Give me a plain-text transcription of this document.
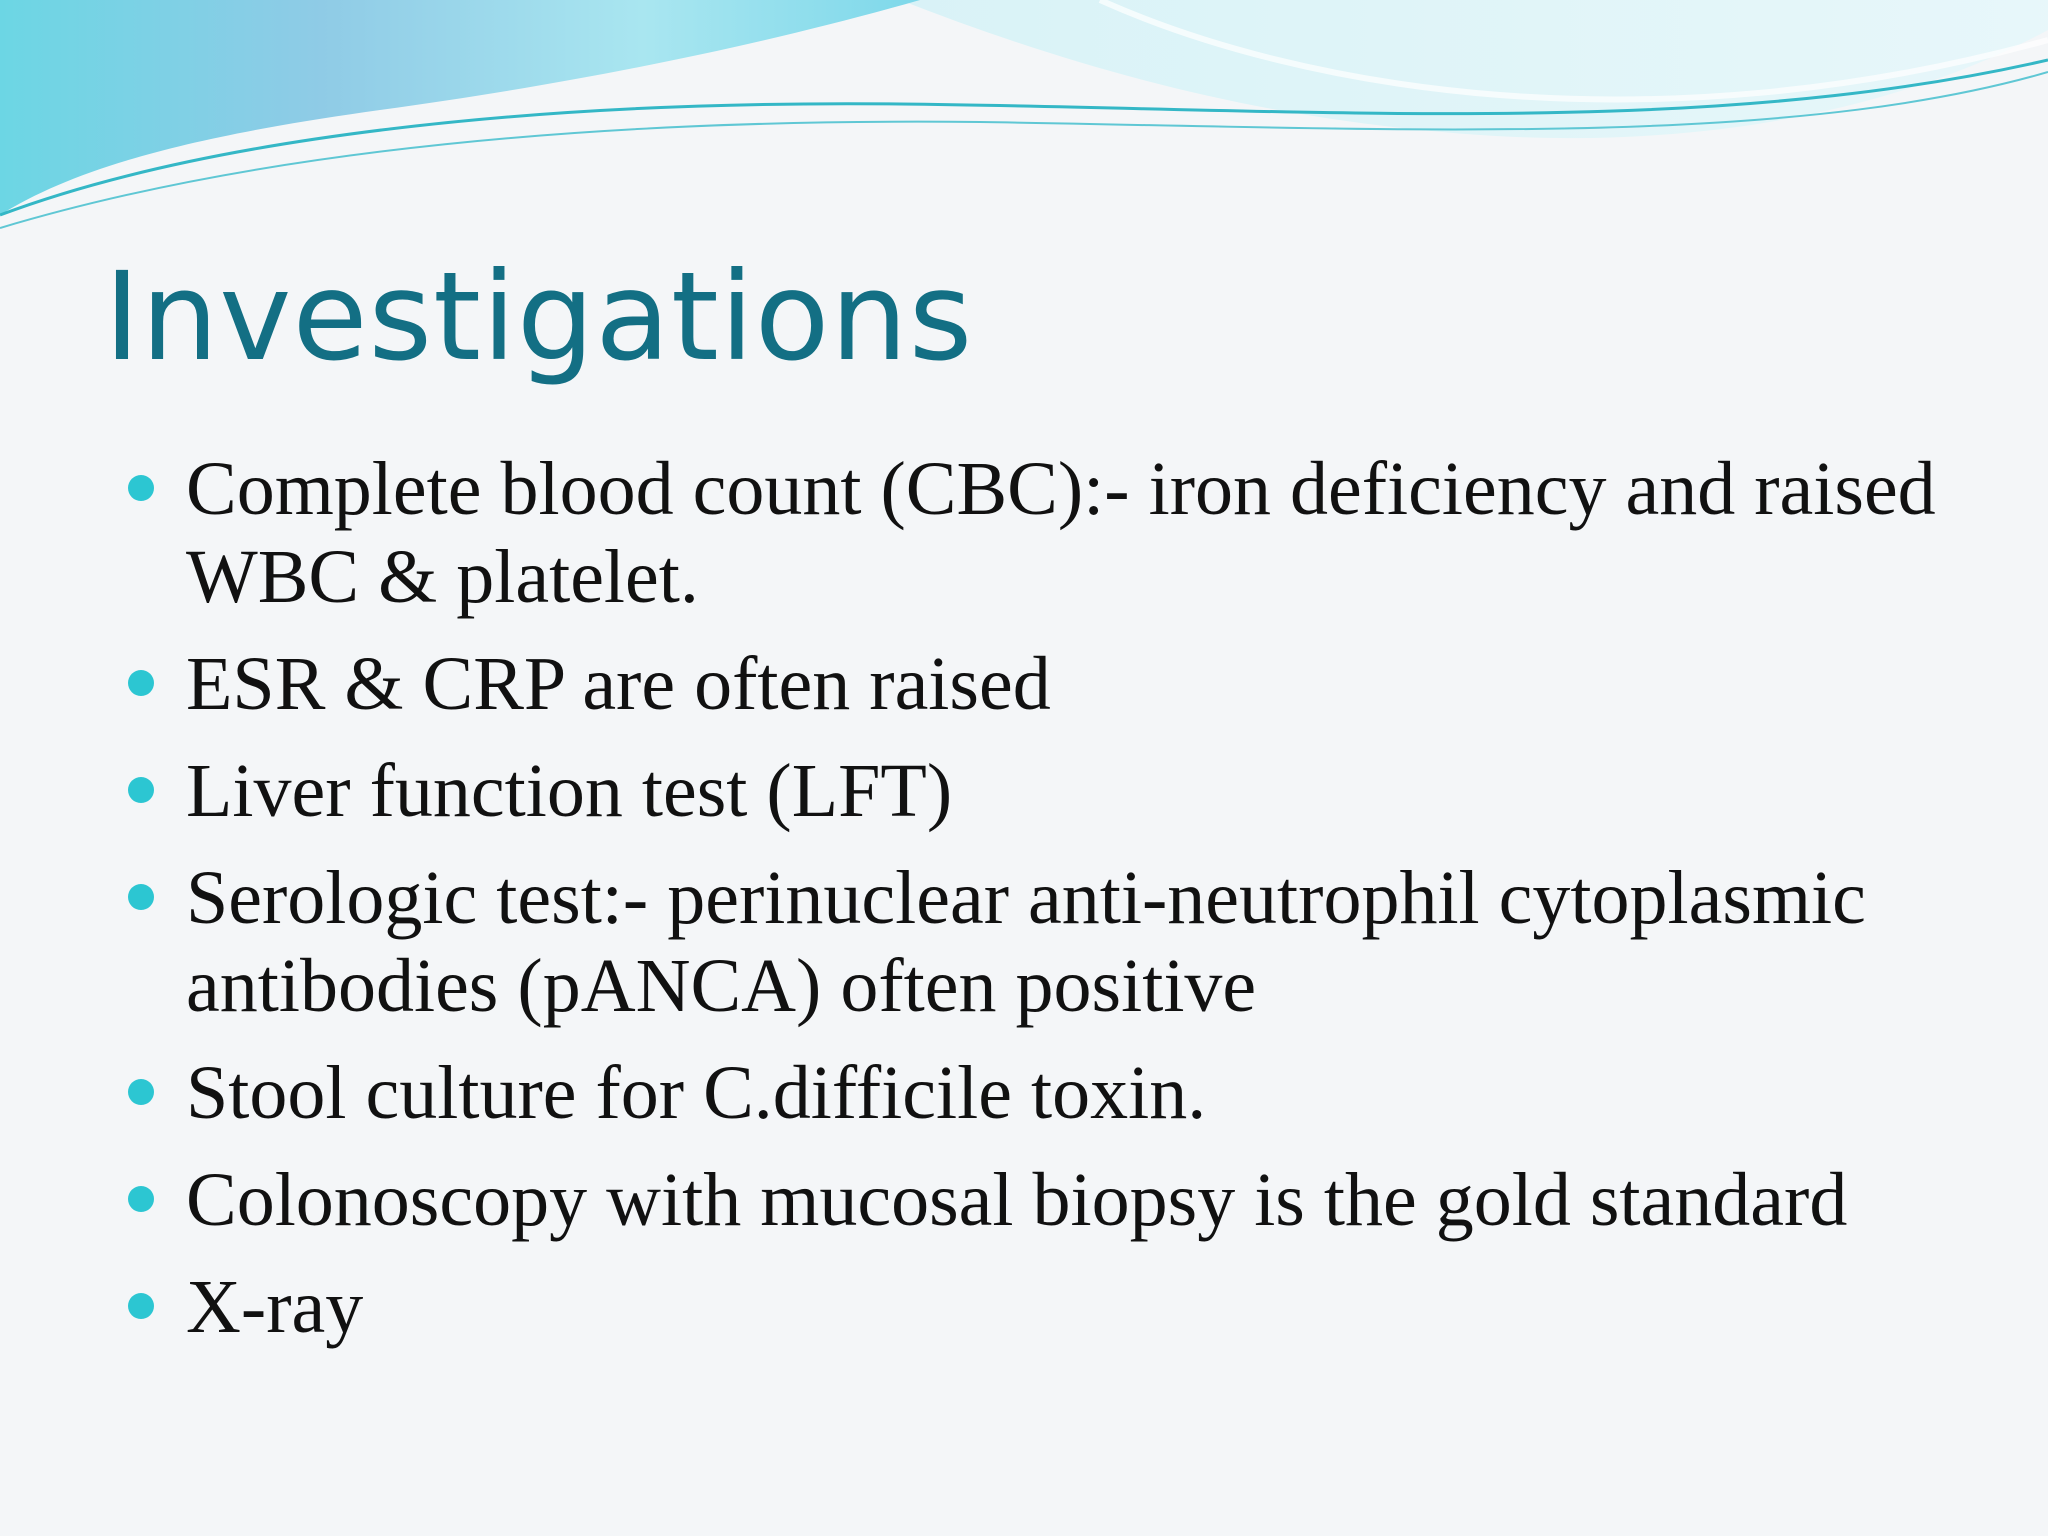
Investigations
Complete blood count (CBC):- iron deficiency and raised WBC & platelet.
ESR & CRP are often raised
Liver function test (LFT)
Serologic test:- perinuclear anti-neutrophil cytoplasmic antibodies (pANCA) often positive
Stool culture for C.difficile toxin.
Colonoscopy with mucosal biopsy is the gold standard
X-ray
